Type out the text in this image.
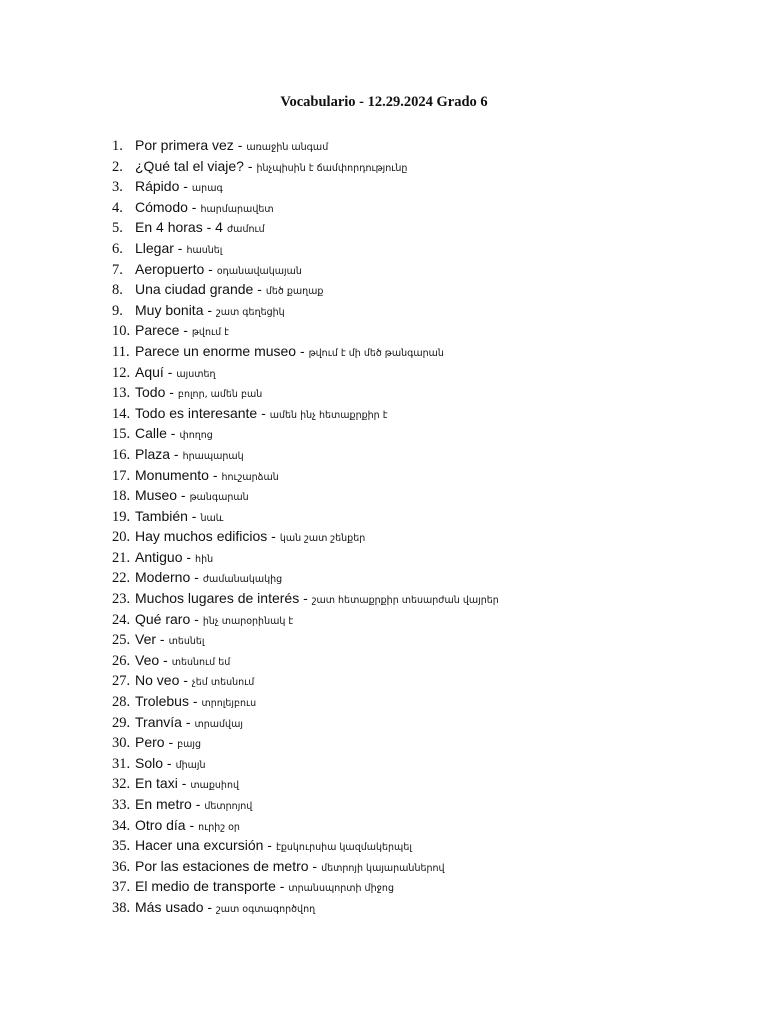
Vocabulario - 12.29.2024 Grado 6
1. Por primera vez - առաջին անգամ
2. ¿Qué tal el viaje? - ինչպիսին է ճամփորդությունը
3. Rápido - արագ
4. Cómodo - հարմարավետ
5. En 4 horas - 4 ժամում
6. Llegar - հասնել
7. Aeropuerto - օդանավակայան
8. Una ciudad grande - մեծ քաղաք
9. Muy bonita - շատ գեղեցիկ
10. Parece - թվում է
11. Parece un enorme museo - թվում է մի մեծ թանգարան
12. Aquí - այստեղ
13. Todo - բոլոր, ամեն բան
14. Todo es interesante - ամեն ինչ հետաքրքիր է
15. Calle - փողոց
16. Plaza - հրապարակ
17. Monumento - հուշարձան
18. Museo - թանգարան
19. También - նաև
20. Hay muchos edificios - կան շատ շենքեր
21. Antiguo - հին
22. Moderno - ժամանակակից
23. Muchos lugares de interés - շատ հետաքրքիր տեսարժան վայրեր
24. Qué raro - ինչ տարօրինակ է
25. Ver - տեսնել
26. Veo - տեսնում եմ
27. No veo - չեմ տեսնում
28. Trolebus - տրոլեյբուս
29. Tranvía - տրամվայ
30. Pero - բայց
31. Solo - միայն
32. En taxi - տաքսիով
33. En metro - մետրոյով
34. Otro día - ուրիշ օր
35. Hacer una excursión - էքսկուրսիա կազմակերպել
36. Por las estaciones de metro - մետրոյի կայարաններով
37. El medio de transporte - տրանսպորտի միջոց
38. Más usado - շատ օգտագործվող
